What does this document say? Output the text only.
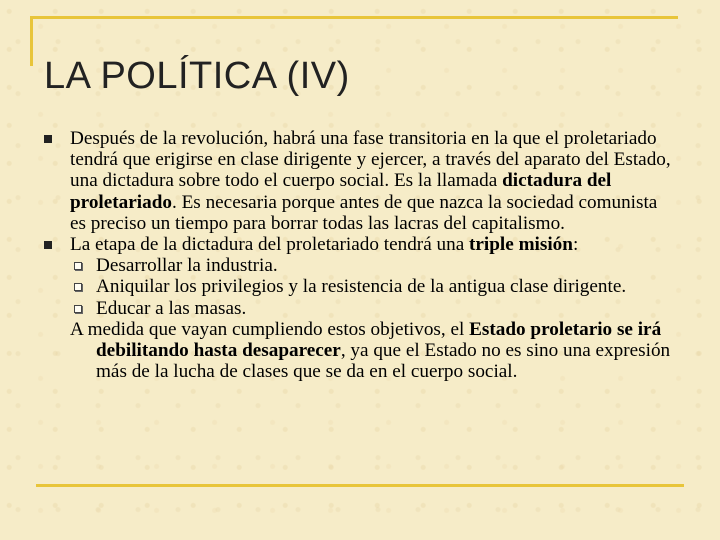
LA POLÍTICA (IV)
Después de la revolución, habrá una fase transitoria en la que el proletariado tendrá que erigirse en clase dirigente y ejercer, a través del aparato del Estado, una dictadura sobre todo el cuerpo social. Es la llamada dictadura del proletariado. Es necesaria porque antes de que nazca la sociedad comunista es preciso un tiempo para borrar todas las lacras del capitalismo.
La etapa de la dictadura del proletariado tendrá una triple misión:
Desarrollar la industria.
Aniquilar los privilegios y la resistencia de la antigua clase dirigente.
Educar a las masas.
A medida que vayan cumpliendo estos objetivos, el Estado proletario se irá debilitando hasta desaparecer, ya que el Estado no es sino una expresión más de la lucha de clases que se da en el cuerpo social.
